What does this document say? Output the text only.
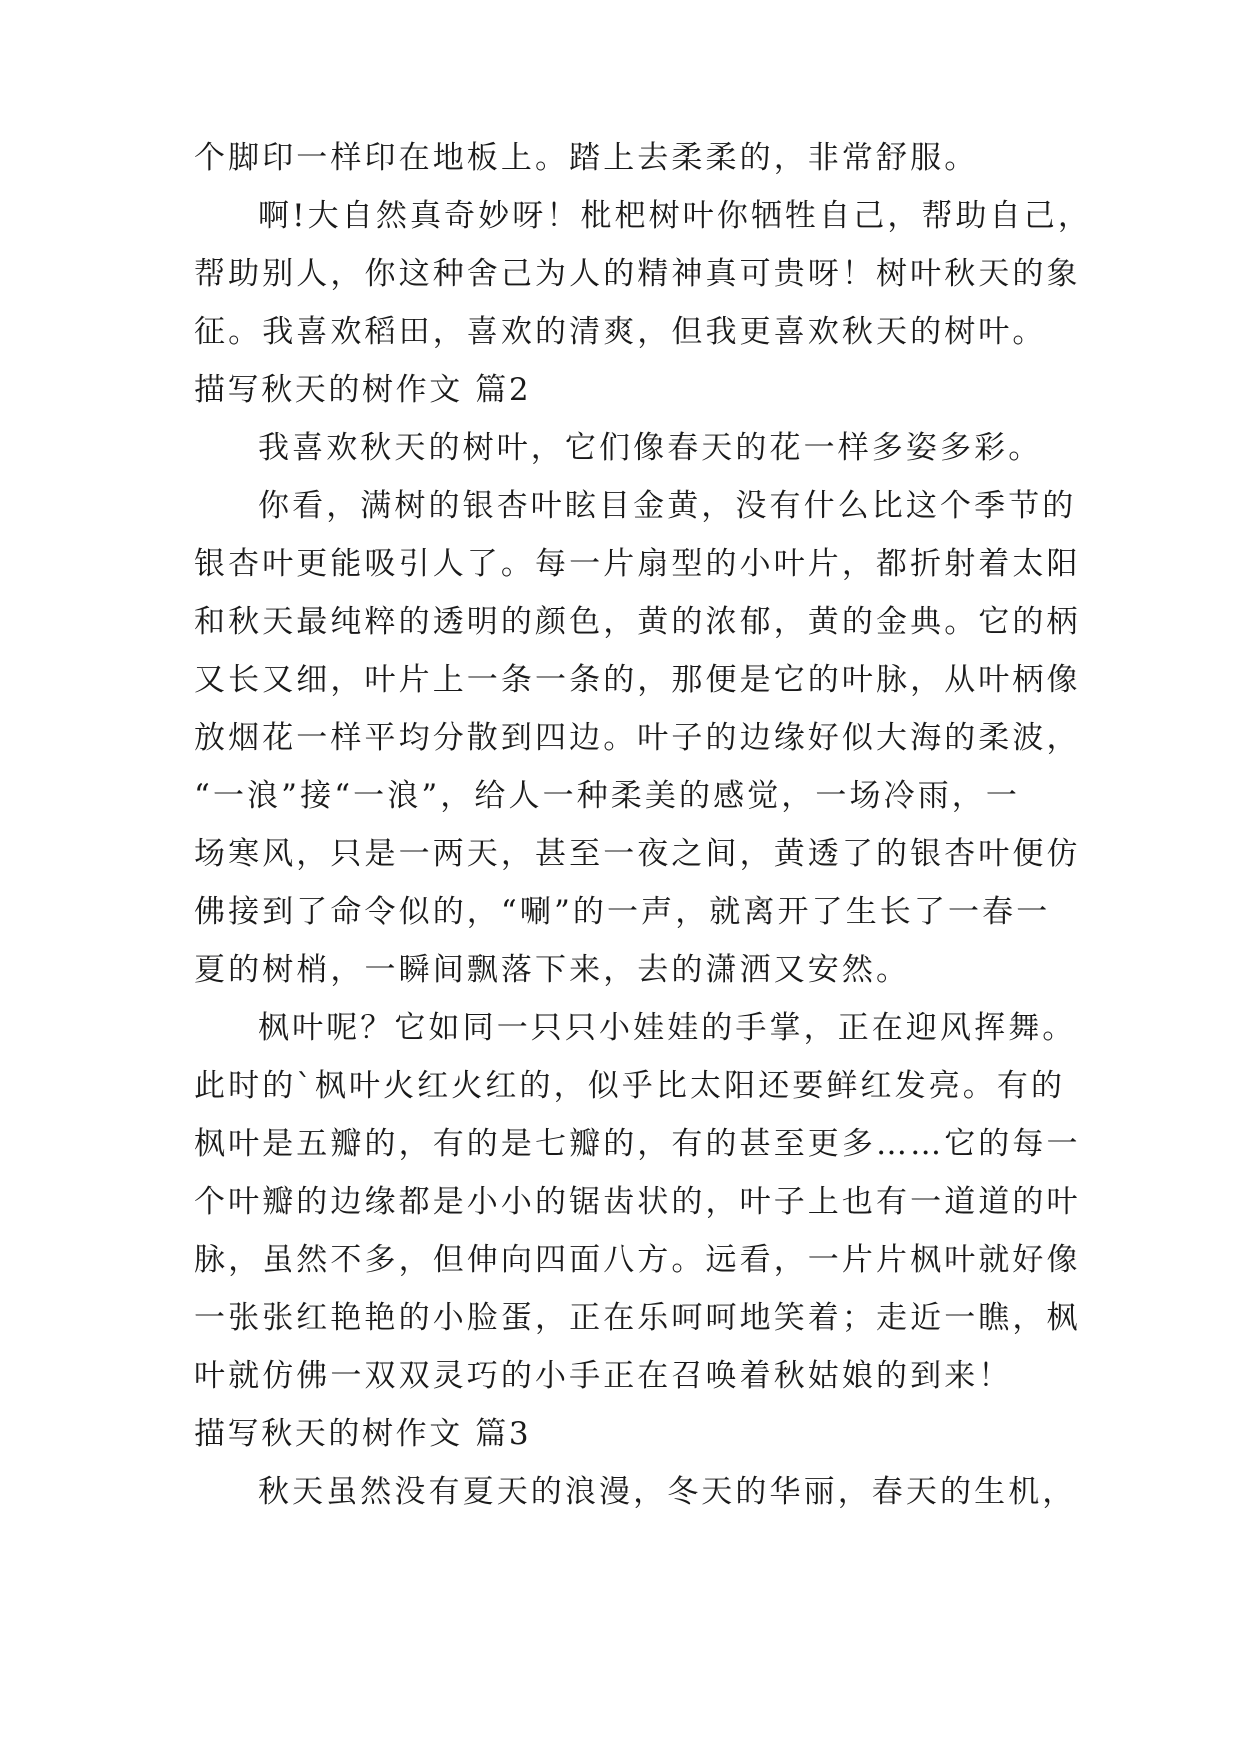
个脚印一样印在地板上。踏上去柔柔的，非常舒服。
啊!大自然真奇妙呀！枇杷树叶你牺牲自己，帮助自己，
帮助别人，你这种舍己为人的精神真可贵呀！树叶秋天的象
征。我喜欢稻田，喜欢的清爽，但我更喜欢秋天的树叶。
描写秋天的树作文 篇2
我喜欢秋天的树叶，它们像春天的花一样多姿多彩。
你看，满树的银杏叶眩目金黄，没有什么比这个季节的
银杏叶更能吸引人了。每一片扇型的小叶片，都折射着太阳
和秋天最纯粹的透明的颜色，黄的浓郁，黄的金典。它的柄
又长又细，叶片上一条一条的，那便是它的叶脉，从叶柄像
放烟花一样平均分散到四边。叶子的边缘好似大海的柔波，
“一浪”接“一浪”，给人一种柔美的感觉，一场冷雨，一
场寒风，只是一两天，甚至一夜之间，黄透了的银杏叶便仿
佛接到了命令似的，“唰”的一声，就离开了生长了一春一
夏的树梢，一瞬间飘落下来，去的潇洒又安然。
枫叶呢？它如同一只只小娃娃的手掌，正在迎风挥舞。
此时的`枫叶火红火红的，似乎比太阳还要鲜红发亮。有的
枫叶是五瓣的，有的是七瓣的，有的甚至更多……它的每一
个叶瓣的边缘都是小小的锯齿状的，叶子上也有一道道的叶
脉，虽然不多，但伸向四面八方。远看，一片片枫叶就好像
一张张红艳艳的小脸蛋，正在乐呵呵地笑着；走近一瞧，枫
叶就仿佛一双双灵巧的小手正在召唤着秋姑娘的到来！
描写秋天的树作文 篇3
秋天虽然没有夏天的浪漫，冬天的华丽，春天的生机，
